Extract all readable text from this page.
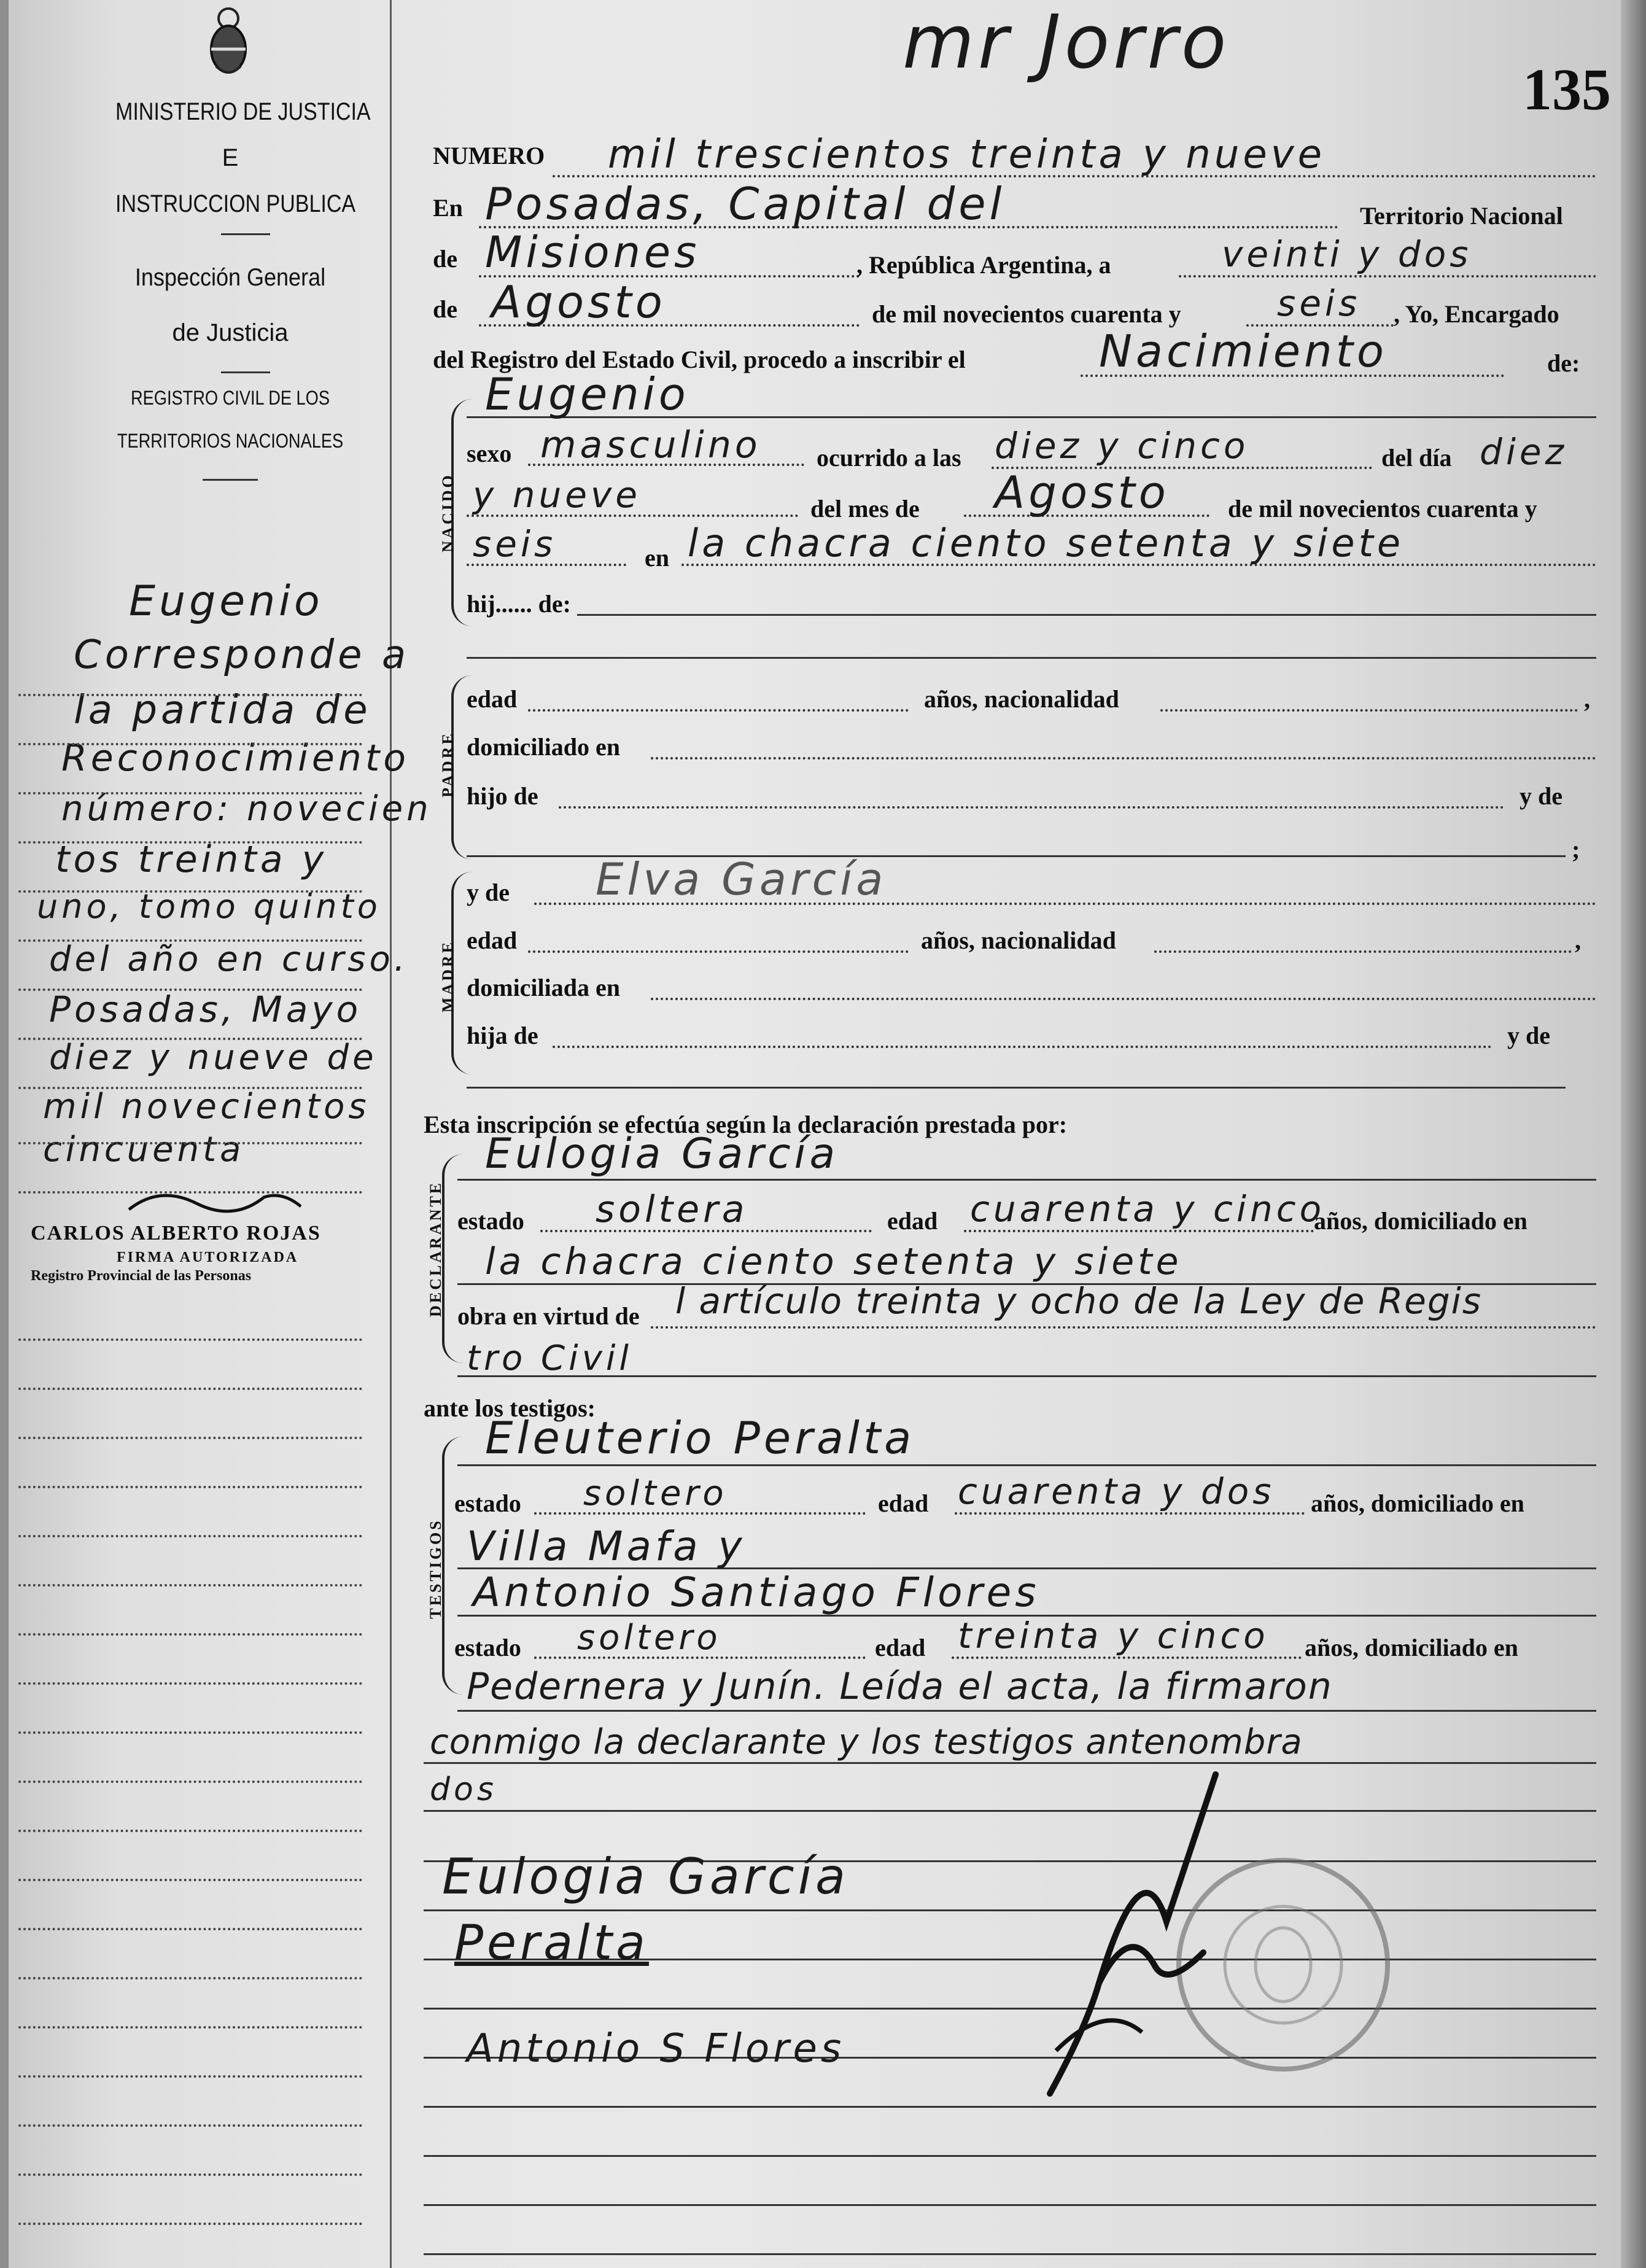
MINISTERIO DE JUSTICIA
E
INSTRUCCION PUBLICA
Inspección General
de Justicia
REGISTRO CIVIL DE LOS
TERRITORIOS NACIONALES
mr Jorro
135
Eugenio
Corresponde a
la partida de
Reconocimiento
número: novecien
tos treinta y
uno, tomo quinto
del año en curso.
Posadas, Mayo
diez y nueve de
mil novecientos
cincuenta
CARLOS ALBERTO ROJAS
FIRMA AUTORIZADA
Registro Provincial de las Personas
NUMERO mil trescientos treinta y nueve
En Posadas, Capital del	Territorio Nacional
de Misiones	, República Argentina, a	veinti y dos
de Agosto	de mil novecientos cuarenta y	seis , Yo, Encargado
del Registro del Estado Civil, procedo a inscribir el	Nacimiento	de:
NACIDO
Eugenio
sexo masculino ocurrido a las diez y cinco	del día diez
y nueve	del mes de Agosto de mil novecientos cuarenta y
seis	en la chacra ciento setenta y siete
hij...... de:
PADRE
edad	años, nacionalidad	,
domiciliado en
hijo de	y de
;
MADRE
y de Elva García
edad	años, nacionalidad	,
domiciliada en
hija de	y de
Esta inscripción se efectúa según la declaración prestada por:
DECLARANTE
Eulogia García
estado soltera	edad cuarenta y cinco
años, domiciliado en
la chacra ciento setenta y siete
obra en virtud de l artículo treinta y ocho de la Ley de Regis
tro Civil
ante los testigos:
TESTIGOS
Eleuterio Peralta
estado soltero	edad cuarenta y dos años, domiciliado en
Villa Mafa y
Antonio Santiago Flores
estado soltero	edad treinta y cinco años, domiciliado en
Pedernera y Junín. Leída el acta, la firmaron
conmigo la declarante y los testigos antenombra
dos
Eulogia García
Peralta
Antonio S Flores
